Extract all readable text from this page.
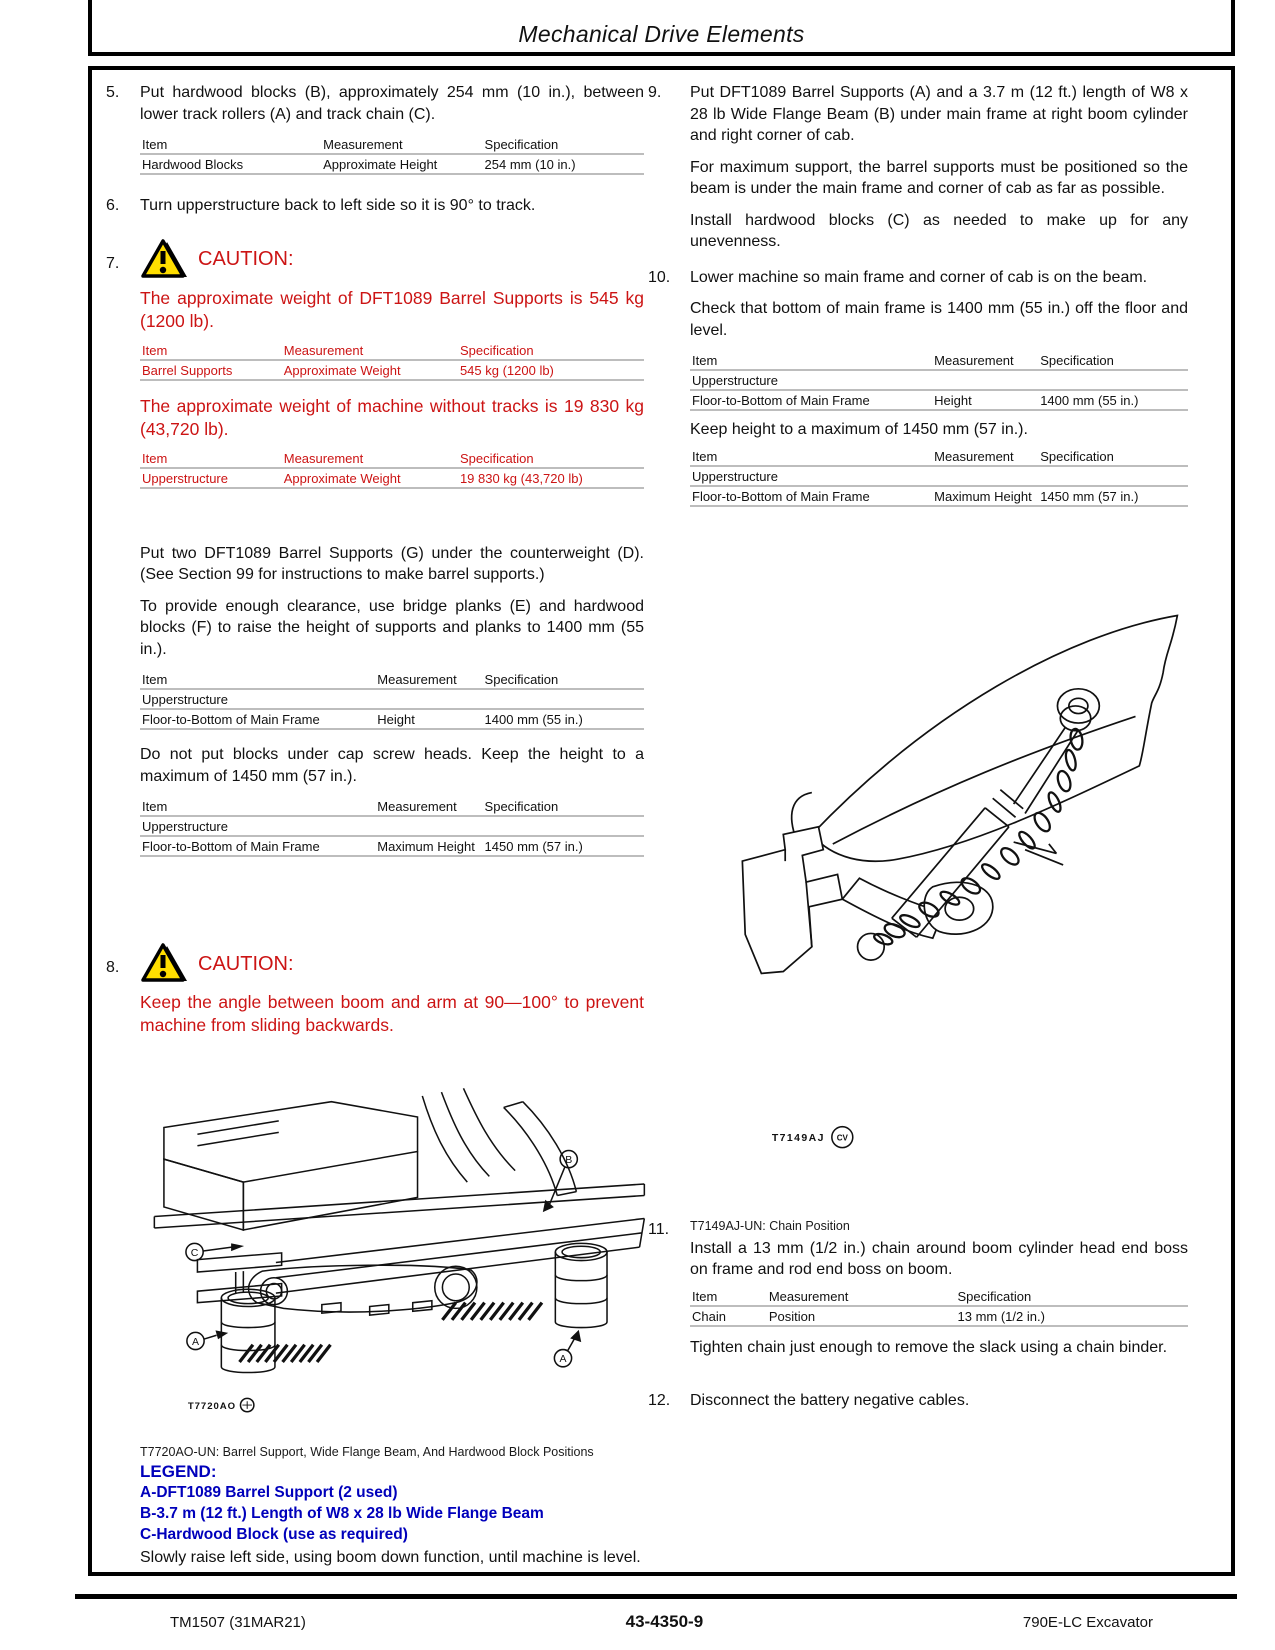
Mechanical Drive Elements
5.	Put hardwood blocks (B), approximately 254 mm (10 in.), between lower track rollers (A) and track chain (C).

Item	Measurement	Specification
Hardwood Blocks	Approximate Height	254 mm (10 in.)
6.	Turn upperstructure back to left side so it is 90° to track.

7.	CAUTION:

The approximate weight of DFT1089 Barrel Supports is 545 kg (1200 lb).

Item	Measurement	Specification
Barrel Supports	Approximate Weight	545 kg (1200 lb)

The approximate weight of machine without tracks is 19 830 kg (43,720 lb).

Item	Measurement	Specification
Upperstructure	Approximate Weight	19 830 kg (43,720 lb)

Put two DFT1089 Barrel Supports (G) under the counterweight (D).(See Section 99 for instructions to make barrel supports.)

To provide enough clearance, use bridge planks (E) and hardwood blocks (F) to raise the height of supports and planks to 1400 mm (55 in.).

Item	Measurement	Specification
Upperstructure		
Floor-to-Bottom of Main Frame	Height	1400 mm (55 in.)

Do not put blocks under cap screw heads. Keep the height to a maximum of 1450 mm (57 in.).

Item	Measurement	Specification
Upperstructure		
Floor-to-Bottom of Main Frame	Maximum Height	1450 mm (57 in.)
8.	CAUTION:

Keep the angle between boom and arm at 90—100° to prevent machine from sliding backwards.

C
A
B
A
T7720AO
T7720AO-UN: Barrel Support, Wide Flange Beam, And Hardwood Block Positions
LEGEND:
A-DFT1089 Barrel Support (2 used)
B-3.7 m (12 ft.) Length of W8 x 28 lb Wide Flange Beam
C-Hardwood Block (use as required)

Slowly raise left side, using boom down function, until machine is level.

9.	Put DFT1089 Barrel Supports (A) and a 3.7 m (12 ft.) length of W8 x 28 lb Wide Flange Beam (B) under main frame at right boom cylinder and right corner of cab.

For maximum support, the barrel supports must be positioned so the beam is under the main frame and corner of cab as far as possible.

Install hardwood blocks (C) as needed to make up for any unevenness.

10.	Lower machine so main frame and corner of cab is on the beam.

Check that bottom of main frame is 1400 mm (55 in.) off the floor and level.

Item	Measurement	Specification
Upperstructure		
Floor-to-Bottom of Main Frame	Height	1400 mm (55 in.)

Keep height to a maximum of 1450 mm (57 in.).

Item	Measurement	Specification
Upperstructure		
Floor-to-Bottom of Main Frame	Maximum Height	1450 mm (57 in.)
T7149AJ CV
11.	T7149AJ-UN: Chain Position

Install a 13 mm (1/2 in.) chain around boom cylinder head end boss on frame and rod end boss on boom.

Item	Measurement	Specification
Chain	Position	13 mm (1/2 in.)

Tighten chain just enough to remove the slack using a chain binder.

12.	Disconnect the battery negative cables.

TM1507 (31MAR21)	43-4350-9	790E-LC Excavator
